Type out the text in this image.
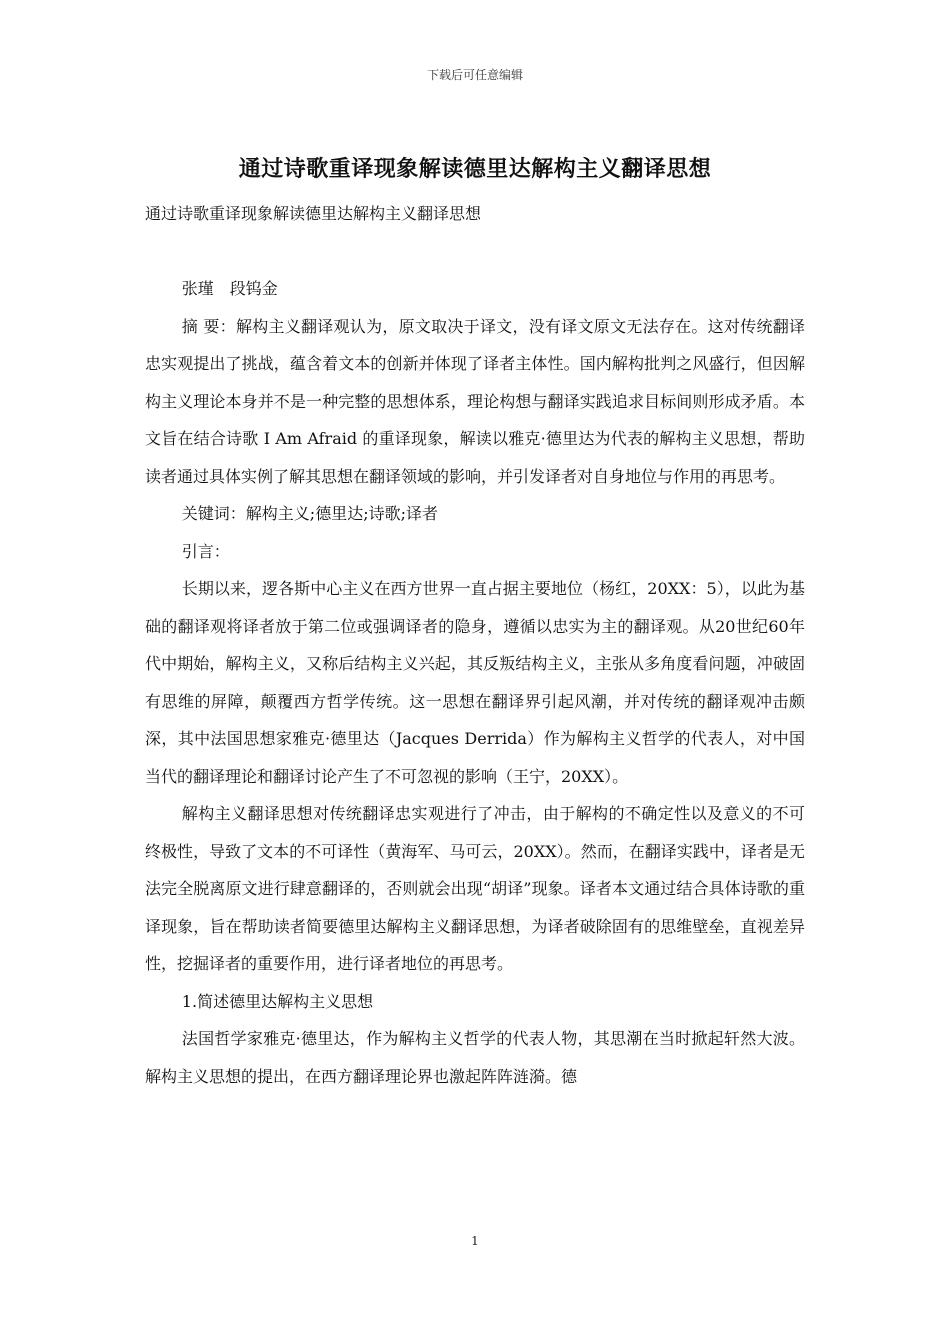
下载后可任意编辑
通过诗歌重译现象解读德里达解构主义翻译思想
通过诗歌重译现象解读德里达解构主义翻译思想

张瑾　段钨金

摘 要：解构主义翻译观认为，原文取决于译文，没有译文原文无法存在。这对传统翻译忠实观提出了挑战，蕴含着文本的创新并体现了译者主体性。国内解构批判之风盛行，但因解构主义理论本身并不是一种完整的思想体系，理论构想与翻译实践追求目标间则形成矛盾。本文旨在结合诗歌 I Am Afraid 的重译现象，解读以雅克·德里达为代表的解构主义思想，帮助读者通过具体实例了解其思想在翻译领域的影响，并引发译者对自身地位与作用的再思考。

关键词：解构主义;德里达;诗歌;译者

引言：

长期以来，逻各斯中心主义在西方世界一直占据主要地位（杨红，20XX：5），以此为基础的翻译观将译者放于第二位或强调译者的隐身，遵循以忠实为主的翻译观。从20世纪60年代中期始，解构主义，又称后结构主义兴起，其反叛结构主义，主张从多角度看问题，冲破固有思维的屏障，颠覆西方哲学传统。这一思想在翻译界引起风潮，并对传统的翻译观冲击颇深，其中法国思想家雅克·德里达（Jacques Derrida）作为解构主义哲学的代表人，对中国当代的翻译理论和翻译讨论产生了不可忽视的影响（王宁，20XX）。

解构主义翻译思想对传统翻译忠实观进行了冲击，由于解构的不确定性以及意义的不可终极性，导致了文本的不可译性（黄海军、马可云，20XX）。然而，在翻译实践中，译者是无法完全脱离原文进行肆意翻译的，否则就会出现“胡译”现象。译者本文通过结合具体诗歌的重译现象，旨在帮助读者简要德里达解构主义翻译思想，为译者破除固有的思维壁垒，直视差异性，挖掘译者的重要作用，进行译者地位的再思考。

1.简述德里达解构主义思想

法国哲学家雅克·德里达，作为解构主义哲学的代表人物，其思潮在当时掀起轩然大波。解构主义思想的提出，在西方翻译理论界也激起阵阵涟漪。德

1
